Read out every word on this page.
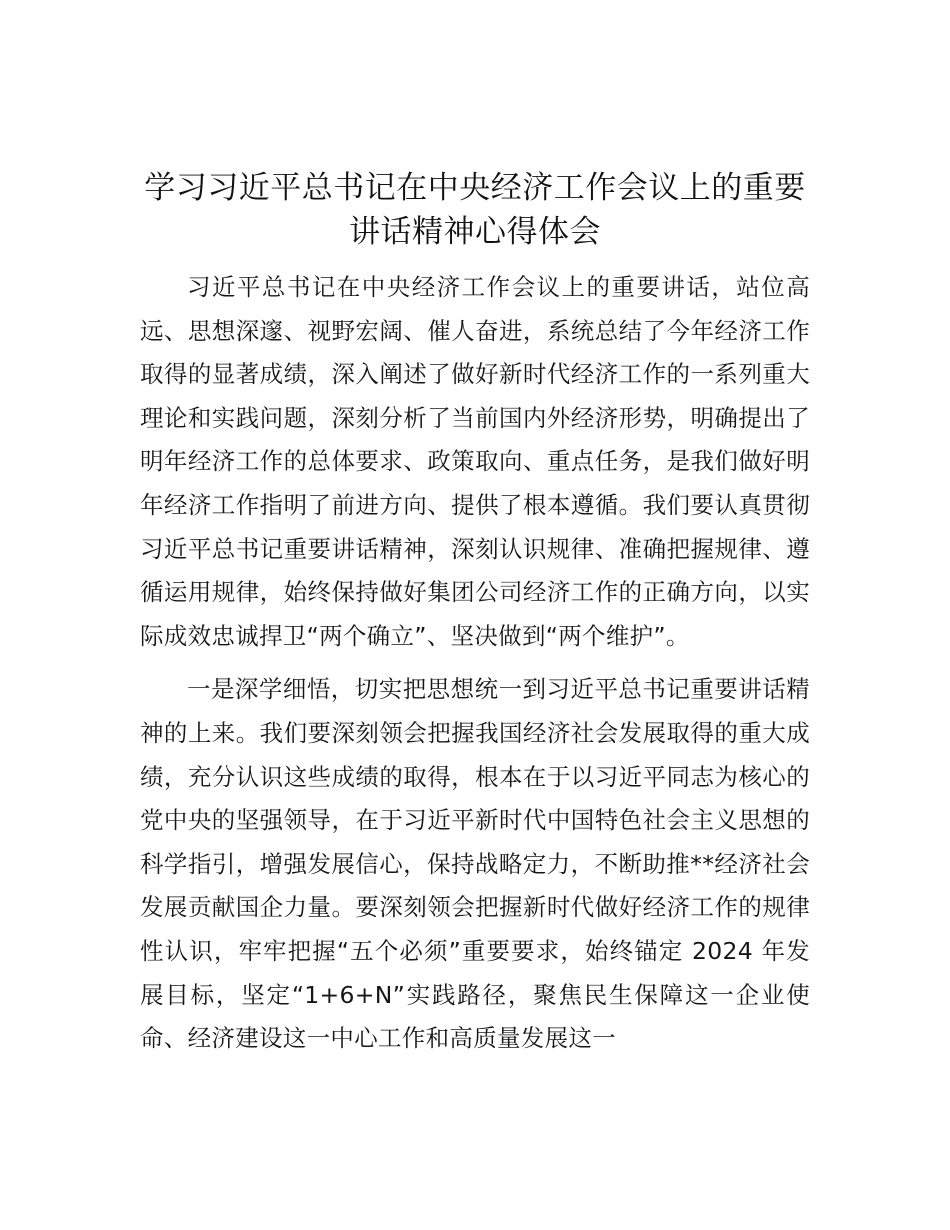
学习习近平总书记在中央经济工作会议上的重要讲话精神心得体会

习近平总书记在中央经济工作会议上的重要讲话，站位高远、思想深邃、视野宏阔、催人奋进，系统总结了今年经济工作取得的显著成绩，深入阐述了做好新时代经济工作的一系列重大理论和实践问题，深刻分析了当前国内外经济形势，明确提出了明年经济工作的总体要求、政策取向、重点任务，是我们做好明年经济工作指明了前进方向、提供了根本遵循。我们要认真贯彻习近平总书记重要讲话精神，深刻认识规律、准确把握规律、遵循运用规律，始终保持做好集团公司经济工作的正确方向，以实际成效忠诚捍卫“两个确立”、坚决做到“两个维护”。

一是深学细悟，切实把思想统一到习近平总书记重要讲话精神的上来。我们要深刻领会把握我国经济社会发展取得的重大成绩，充分认识这些成绩的取得，根本在于以习近平同志为核心的党中央的坚强领导，在于习近平新时代中国特色社会主义思想的科学指引，增强发展信心，保持战略定力，不断助推**经济社会发展贡献国企力量。要深刻领会把握新时代做好经济工作的规律性认识，牢牢把握“五个必须”重要要求，始终锚定 2024 年发展目标，坚定“1+6+N”实践路径，聚焦民生保障这一企业使命、经济建设这一中心工作和高质量发展这一
